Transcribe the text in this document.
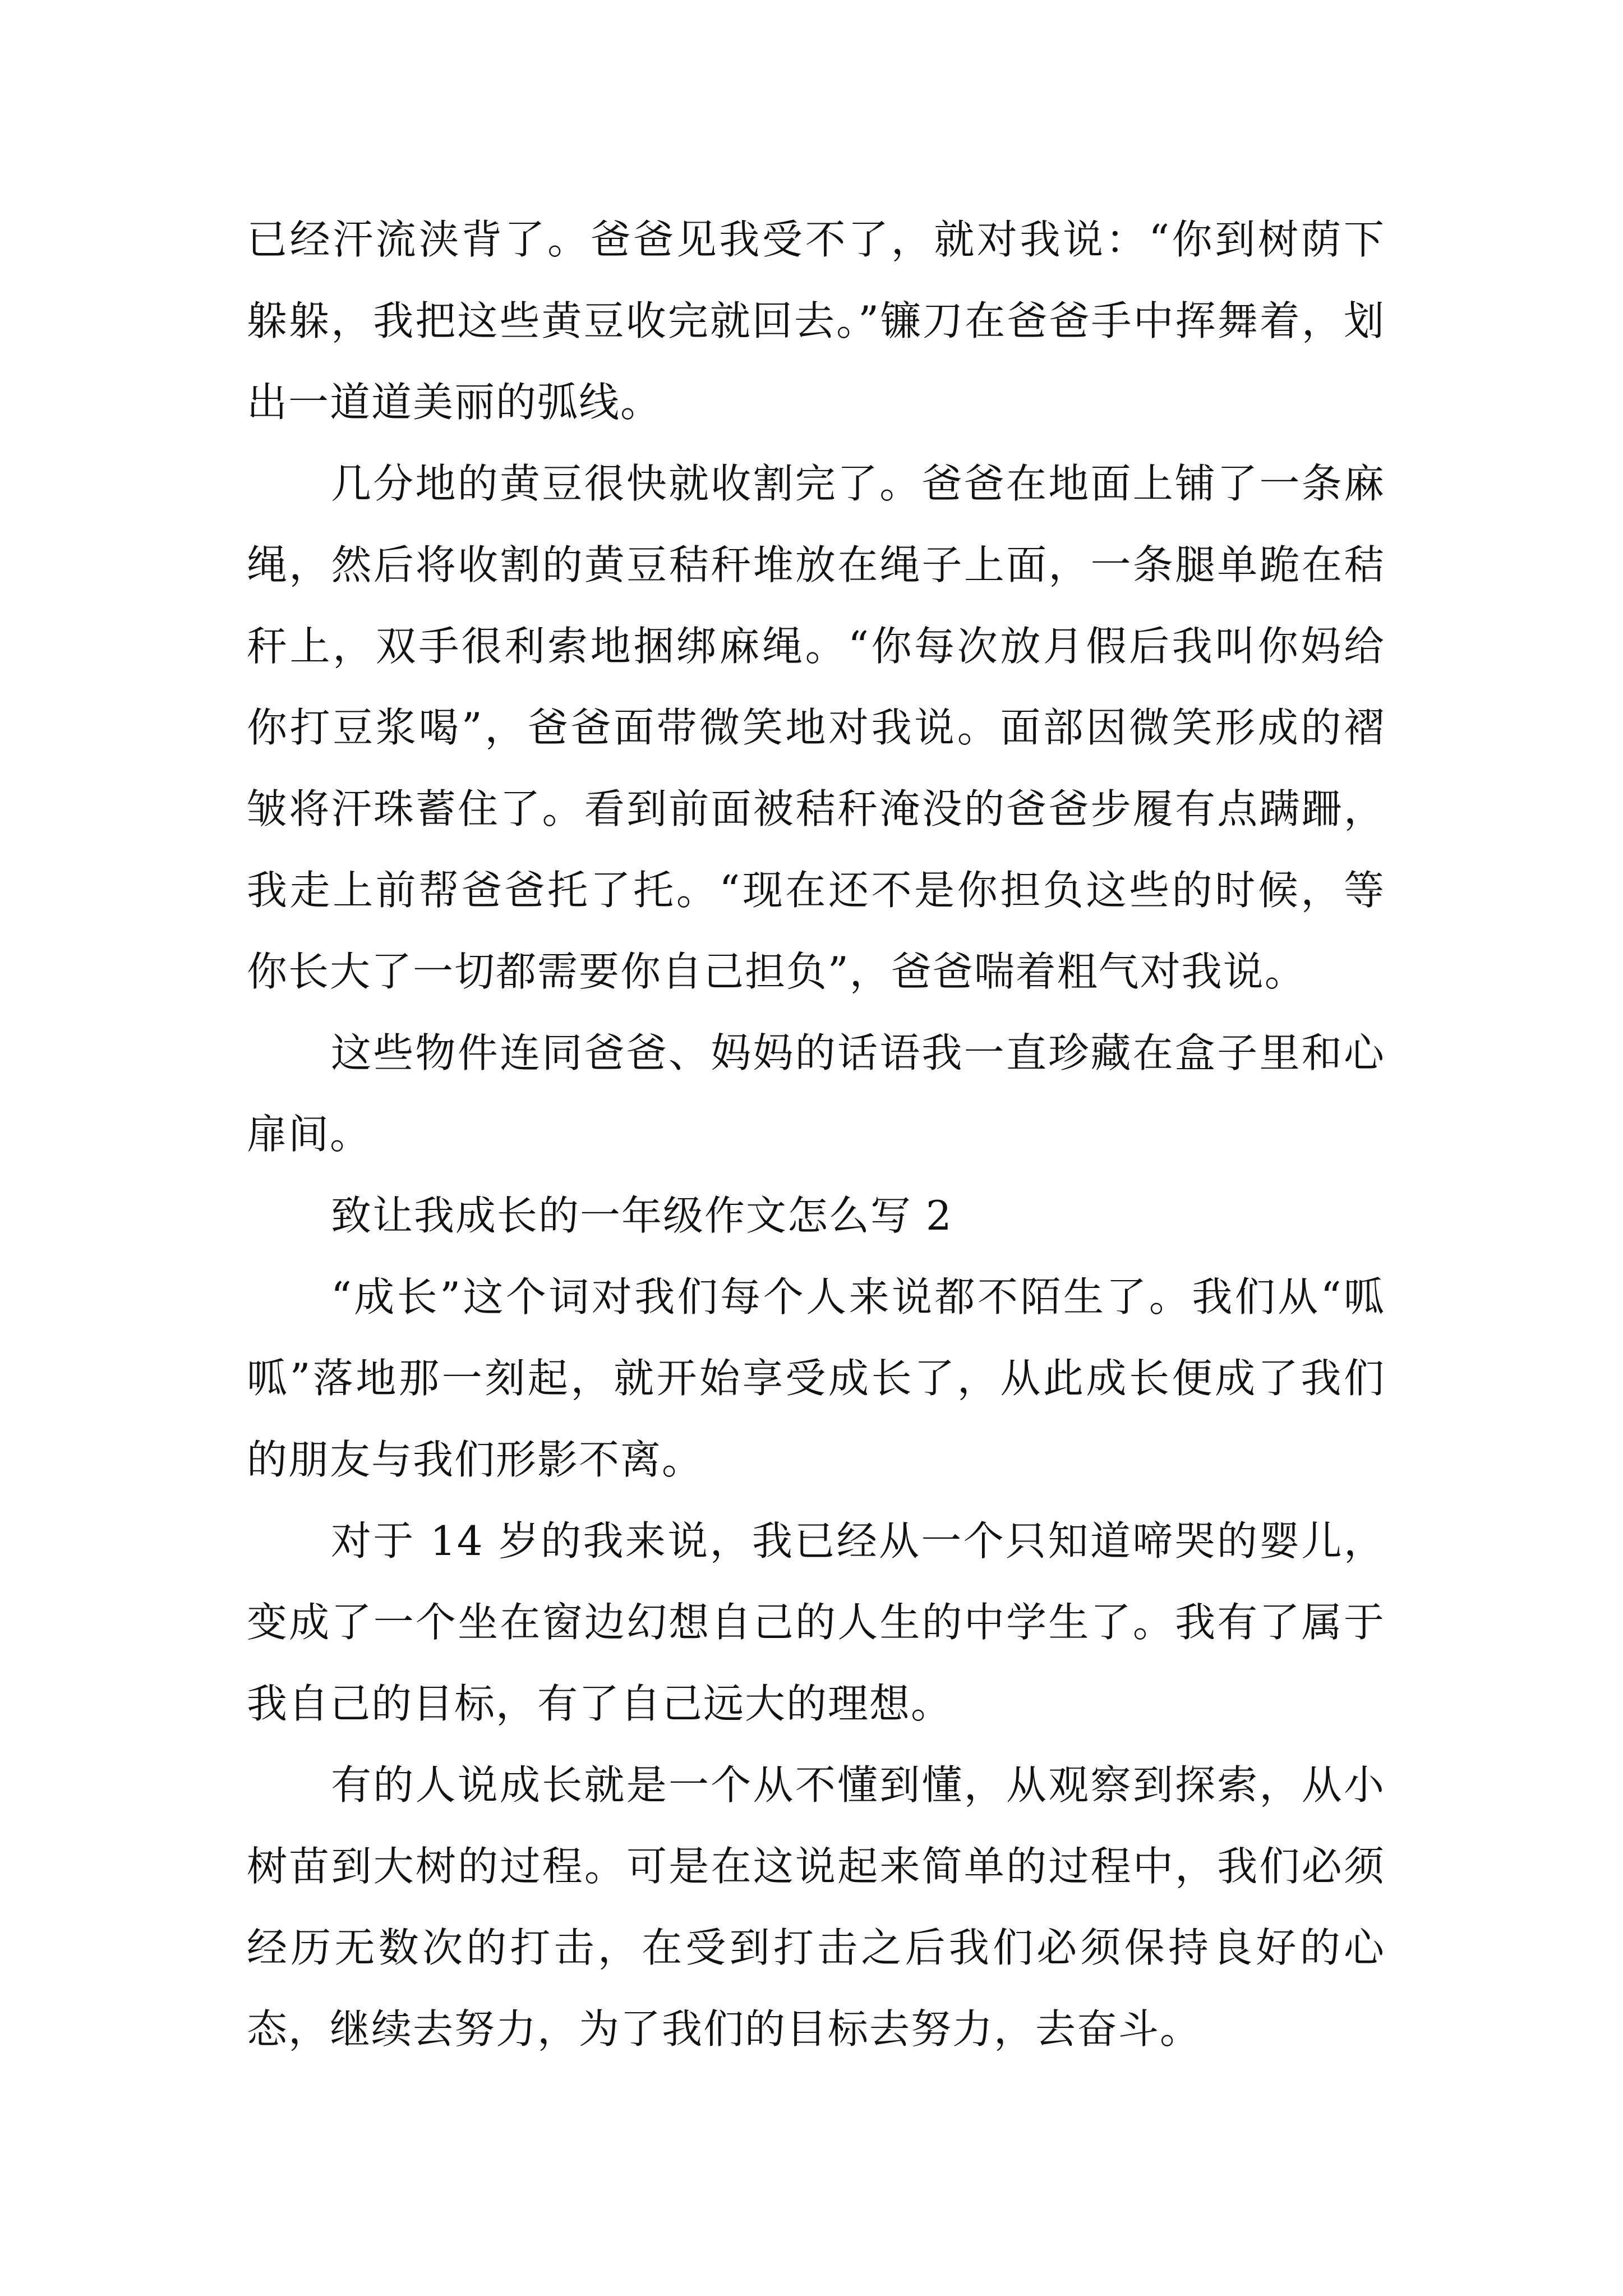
已经汗流浃背了。爸爸见我受不了，就对我说：“你到树荫下躲躲，我把这些黄豆收完就回去。”镰刀在爸爸手中挥舞着，划出一道道美丽的弧线。

几分地的黄豆很快就收割完了。爸爸在地面上铺了一条麻绳，然后将收割的黄豆秸秆堆放在绳子上面，一条腿单跪在秸秆上，双手很利索地捆绑麻绳。“你每次放月假后我叫你妈给你打豆浆喝”，爸爸面带微笑地对我说。面部因微笑形成的褶皱将汗珠蓄住了。看到前面被秸秆淹没的爸爸步履有点蹒跚，我走上前帮爸爸托了托。“现在还不是你担负这些的时候，等你长大了一切都需要你自己担负”，爸爸喘着粗气对我说。

这些物件连同爸爸、妈妈的话语我一直珍藏在盒子里和心扉间。

致让我成长的一年级作文怎么写 2

“成长”这个词对我们每个人来说都不陌生了。我们从“呱呱”落地那一刻起，就开始享受成长了，从此成长便成了我们的朋友与我们形影不离。

对于 14 岁的我来说，我已经从一个只知道啼哭的婴儿，变成了一个坐在窗边幻想自己的人生的中学生了。我有了属于我自己的目标，有了自己远大的理想。

有的人说成长就是一个从不懂到懂，从观察到探索，从小树苗到大树的过程。可是在这说起来简单的过程中，我们必须经历无数次的打击，在受到打击之后我们必须保持良好的心态，继续去努力，为了我们的目标去努力，去奋斗。
